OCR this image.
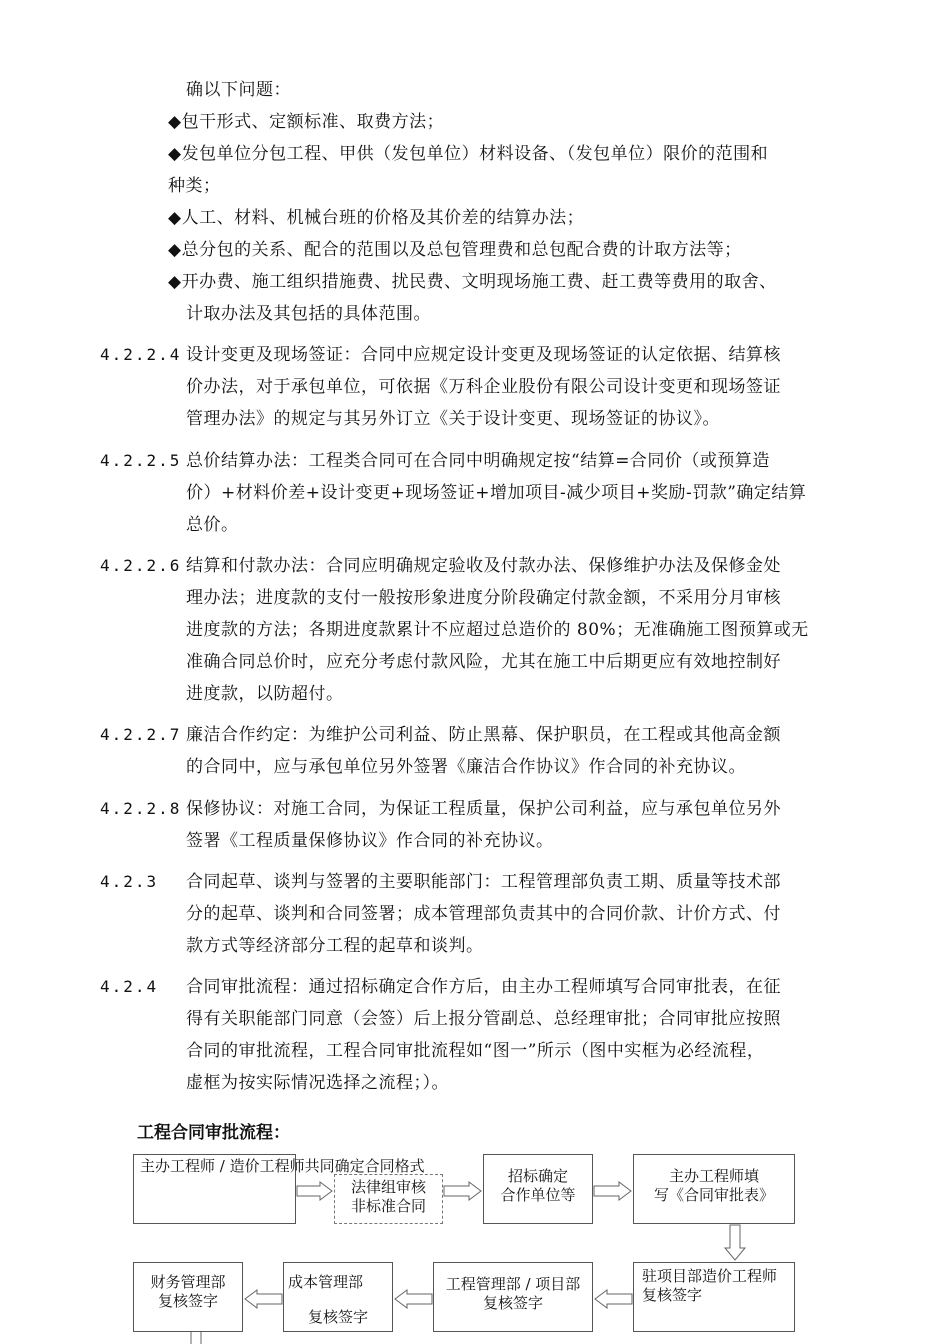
确以下问题：
◆包干形式、定额标准、取费方法；
◆发包单位分包工程、甲供（发包单位）材料设备、（发包单位）限价的范围和
种类；
◆人工、材料、机械台班的价格及其价差的结算办法；
◆总分包的关系、配合的范围以及总包管理费和总包配合费的计取方法等；
◆开办费、施工组织措施费、扰民费、文明现场施工费、赶工费等费用的取舍、
计取办法及其包括的具体范围。
4.2.2.4 设计变更及现场签证：合同中应规定设计变更及现场签证的认定依据、结算核
价办法，对于承包单位，可依据《万科企业股份有限公司设计变更和现场签证
管理办法》的规定与其另外订立《关于设计变更、现场签证的协议》。
4.2.2.5 总价结算办法：工程类合同可在合同中明确规定按“结算=合同价（或预算造
价）+材料价差+设计变更+现场签证+增加项目-减少项目+奖励-罚款”确定结算
总价。
4.2.2.6 结算和付款办法：合同应明确规定验收及付款办法、保修维护办法及保修金处
理办法；进度款的支付一般按形象进度分阶段确定付款金额，不采用分月审核
进度款的方法；各期进度款累计不应超过总造价的 80%；无准确施工图预算或无
准确合同总价时，应充分考虑付款风险，尤其在施工中后期更应有效地控制好
进度款，以防超付。
4.2.2.7 廉洁合作约定：为维护公司利益、防止黑幕、保护职员，在工程或其他高金额
的合同中，应与承包单位另外签署《廉洁合作协议》作合同的补充协议。
4.2.2.8 保修协议：对施工合同，为保证工程质量，保护公司利益，应与承包单位另外
签署《工程质量保修协议》作合同的补充协议。
4.2.3 合同起草、谈判与签署的主要职能部门：工程管理部负责工期、质量等技术部
分的起草、谈判和合同签署；成本管理部负责其中的合同价款、计价方式、付
款方式等经济部分工程的起草和谈判。
4.2.4 合同审批流程：通过招标确定合作方后，由主办工程师填写合同审批表，在征
得有关职能部门同意（会签）后上报分管副总、总经理审批；合同审批应按照
合同的审批流程，工程合同审批流程如“图一”所示（图中实框为必经流程，
虚框为按实际情况选择之流程；）。
工程合同审批流程：
主办工程师 / 造价工程师共同确定合同格式
法律组审核
非标准合同
招标确定
合作单位等
主办工程师填
写《合同审批表》
驻项目部造价工程师
复核签字
工程管理部 / 项目部
复核签字
成本管理部
复核签字
财务管理部
复核签字
